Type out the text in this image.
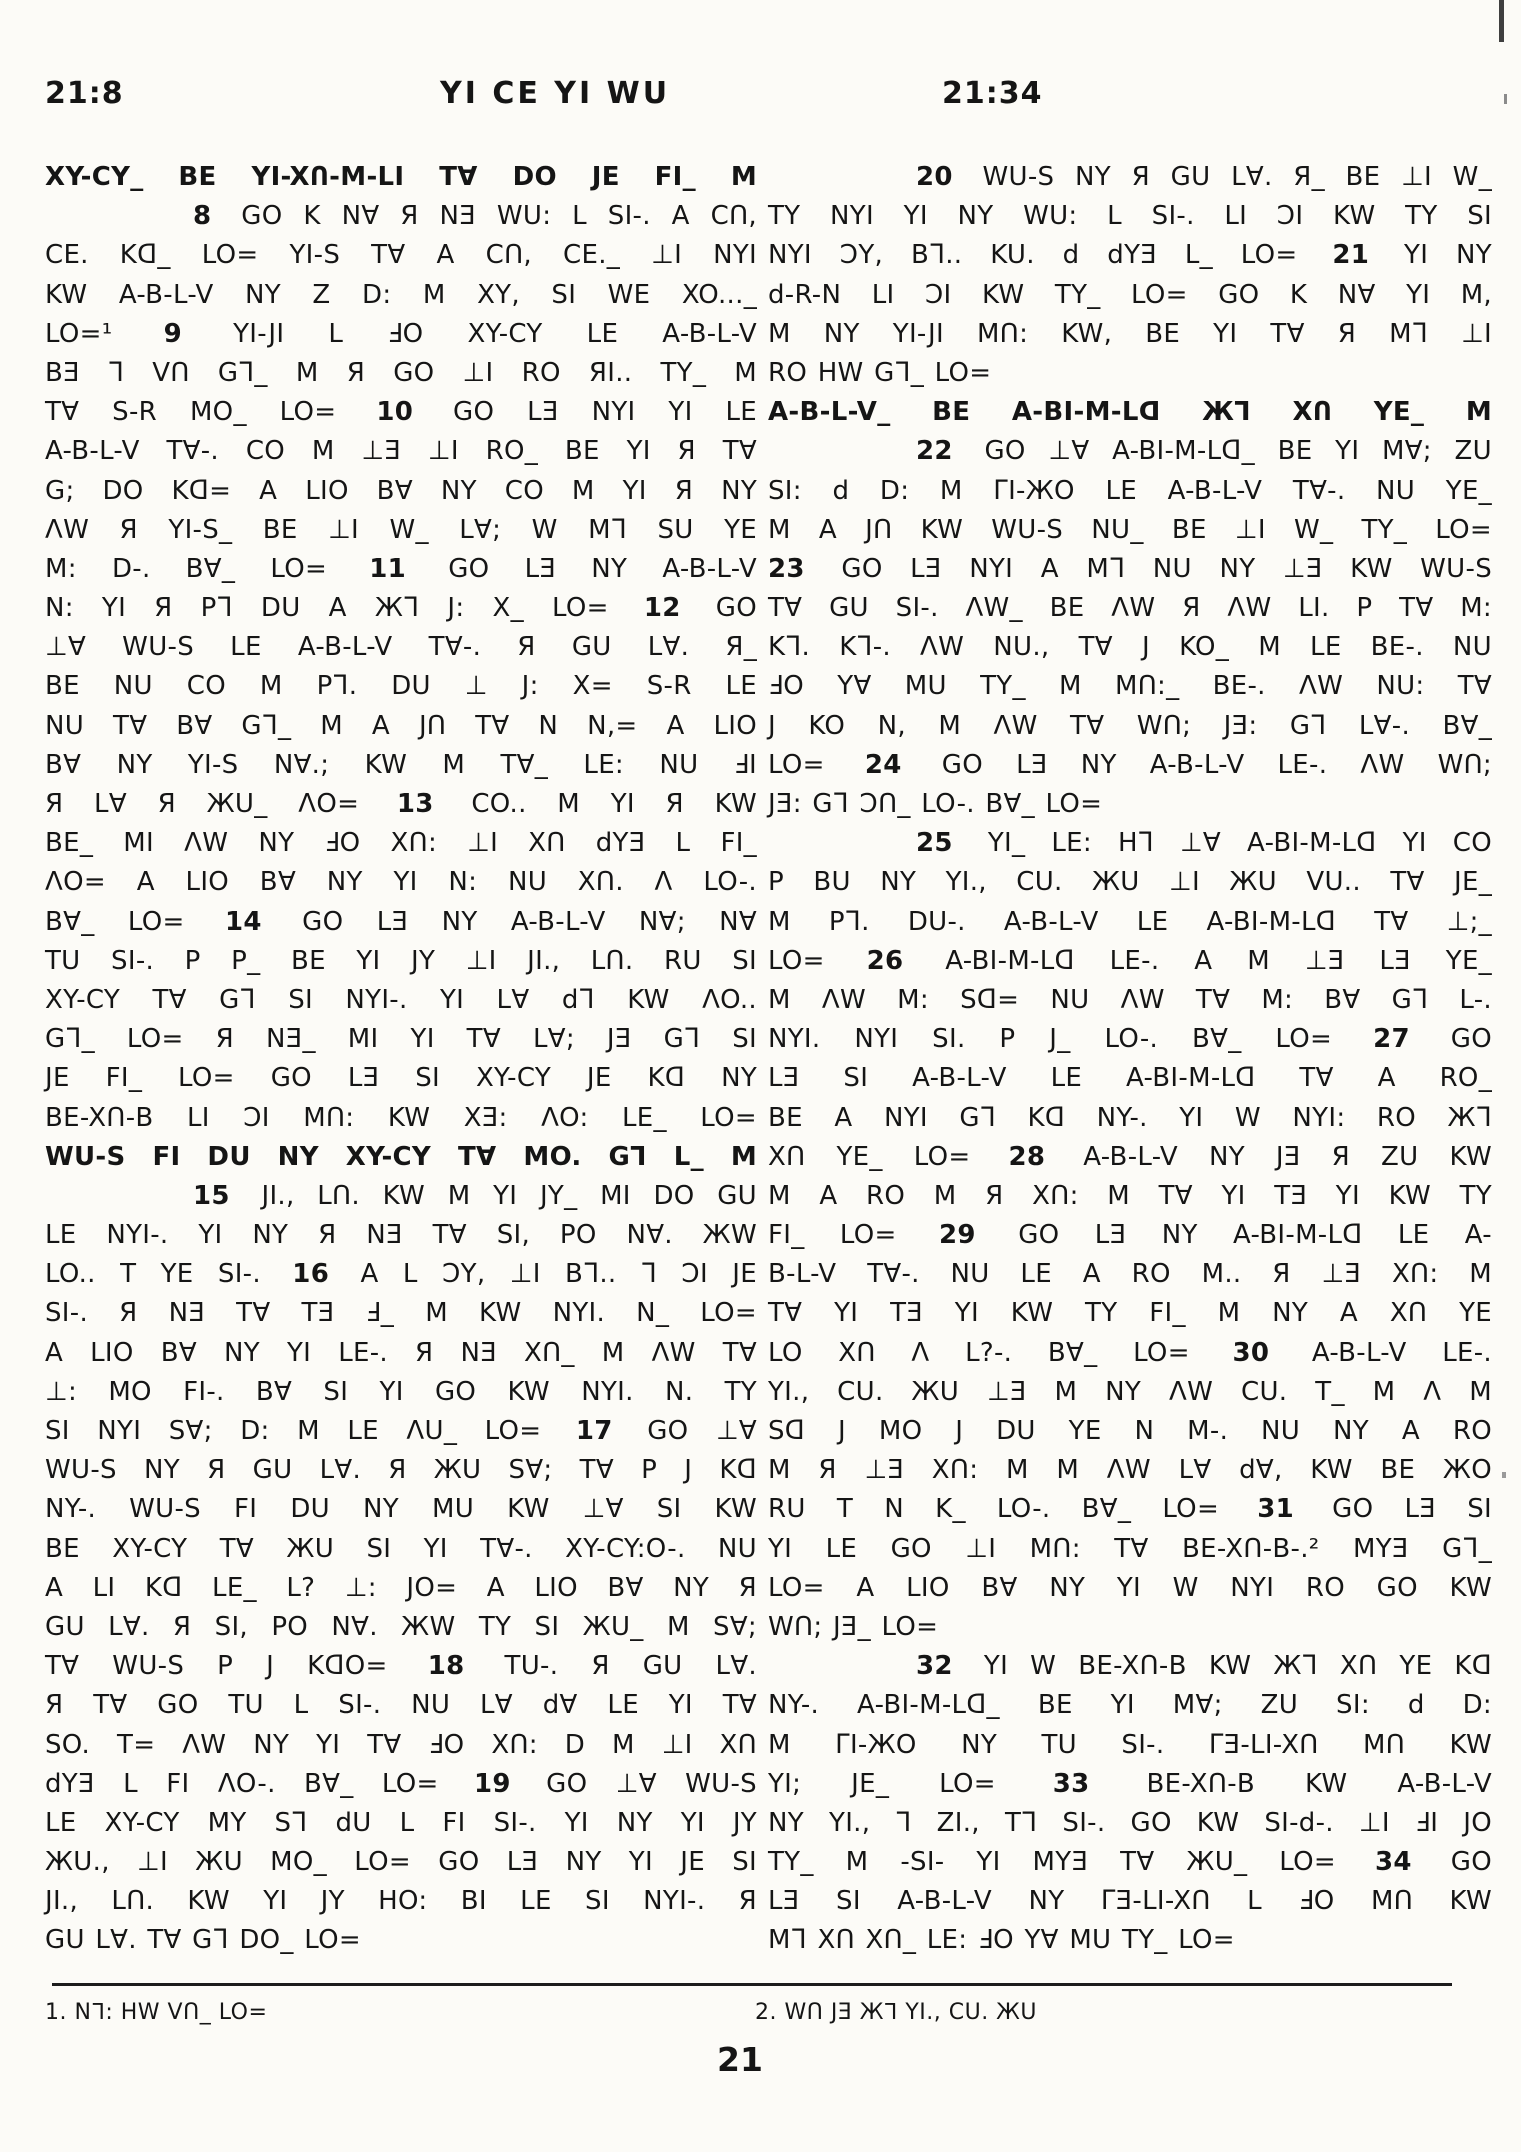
21:8	YI CE YI WU	21:34
XY-CY_ BE YI-XՈ-M-LI T∀ DO JE FI_ M
8 GO K N∀ Я NƎ WU: L SI-. A CՈ,
CE. Kᗡ_ LO= YI-S T∀ A CՈ, CE._ ⊥I NYI
KW A-B-L-V NY Z D: M XY, SI WE XO..._
LO=¹ 9 YI-JI L ℲO XY-CY LE A-B-L-V
BƎ ᒣ VՈ Gᒣ_ M Я GO ⊥I RO ЯI.. TY_ M
T∀ S-R MO_ LO= 10 GO LƎ NYI YI LE
A-B-L-V T∀-. CO M ⊥Ǝ ⊥I RO_ BE YI Я T∀
G; DO Kᗡ= A LIO B∀ NY CO M YI Я NY
ΛW Я YI-S_ BE ⊥I W_ L∀; W Mᒣ SU YE
M: D-. B∀_ LO= 11 GO LƎ NY A-B-L-V
N: YI Я Pᒣ DU A Жᒣ J: X_ LO= 12 GO
⊥∀ WU-S LE A-B-L-V T∀-. Я GU L∀. Я_
BE NU CO M Pᒣ. DU ⊥ J: X= S-R LE
NU T∀ B∀ Gᒣ_ M A JՈ T∀ N N,= A LIO
B∀ NY YI-S N∀.; KW M T∀_ LE: NU ℲI
Я L∀ Я ЖU_ ΛO= 13 CO.. M YI Я KW
BE_ MI ΛW NY ℲO XՈ: ⊥I XՈ dYƎ L FI_
ΛO= A LIO B∀ NY YI N: NU XՈ. Λ LO-.
B∀_ LO= 14 GO LƎ NY A-B-L-V N∀; N∀
TU SI-. P P_ BE YI JY ⊥I JI., LՈ. RU SI
XY-CY T∀ Gᒣ SI NYI-. YI L∀ dᒣ KW ΛO..
Gᒣ_ LO= Я NƎ_ MI YI T∀ L∀; JƎ Gᒣ SI
JE FI_ LO= GO LƎ SI XY-CY JE Kᗡ NY
BE-XՈ-B LI ƆI MՈ: KW XƎ: ΛO: LE_ LO=
WU-S FI DU NY XY-CY T∀ MO. Gᒣ L_ M
15 JI., LՈ. KW M YI JY_ MI DO GU
LE NYI-. YI NY Я NƎ T∀ SI, PO N∀. ЖW
LO.. T YE SI-. 16 A L ƆY, ⊥I Bᒣ.. ᒣ ƆI JE
SI-. Я NƎ T∀ TƎ Ⅎ_ M KW NYI. N_ LO=
A LIO B∀ NY YI LE-. Я NƎ XՈ_ M ΛW T∀
⊥: MO FI-. B∀ SI YI GO KW NYI. N. TY
SI NYI S∀; D: M LE ΛU_ LO= 17 GO ⊥∀
WU-S NY Я GU L∀. Я ЖU S∀; T∀ P J Kᗡ
NY-. WU-S FI DU NY MU KW ⊥∀ SI KW
BE XY-CY T∀ ЖU SI YI T∀-. XY-CY:O-. NU
A LI Kᗡ LE_ L? ⊥: JO= A LIO B∀ NY Я
GU L∀. Я SI, PO N∀. ЖW TY SI ЖU_ M S∀;
T∀ WU-S P J KᗡO= 18 TU-. Я GU L∀.
Я T∀ GO TU L SI-. NU L∀ d∀ LE YI T∀
SO. T= ΛW NY YI T∀ ℲO XՈ: D M ⊥I XՈ
dYƎ L FI ΛO-. B∀_ LO= 19 GO ⊥∀ WU-S
LE XY-CY MY Sᒣ dU L FI SI-. YI NY YI JY
ЖU., ⊥I ЖU MO_ LO= GO LƎ NY YI JE SI
JI., LՈ. KW YI JY HO: BI LE SI NYI-. Я
GU L∀. T∀ Gᒣ DO_ LO=
20 WU-S NY Я GU L∀. Я_ BE ⊥I W_
TY NYI YI NY WU: L SI-. LI ƆI KW TY SI
NYI ƆY, Bᒣ.. KU. d dYƎ L_ LO= 21 YI NY
d-R-N LI ƆI KW TY_ LO= GO K N∀ YI M,
M NY YI-JI MՈ: KW, BE YI T∀ Я Mᒣ ⊥I
RO HW Gᒣ_ LO=
A-B-L-V_ BE A-BI-M-Lᗡ Жᒣ XՈ YE_ M
22 GO ⊥∀ A-BI-M-Lᗡ_ BE YI M∀; ZU
SI: d D: M ᒥI-ЖO LE A-B-L-V T∀-. NU YE_
M A JՈ KW WU-S NU_ BE ⊥I W_ TY_ LO=
23 GO LƎ NYI A Mᒣ NU NY ⊥Ǝ KW WU-S
T∀ GU SI-. ΛW_ BE ΛW Я ΛW LI. P T∀ M:
Kᒣ. Kᒣ-. ΛW NU., T∀ J KO_ M LE BE-. NU
ℲO Y∀ MU TY_ M MՈ:_ BE-. ΛW NU: T∀
J KO N, M ΛW T∀ WՈ; JƎ: Gᒣ L∀-. B∀_
LO= 24 GO LƎ NY A-B-L-V LE-. ΛW WՈ;
JƎ: Gᒣ ƆՈ_ LO-. B∀_ LO=
25 YI_ LE: Hᒣ ⊥∀ A-BI-M-Lᗡ YI CO
P BU NY YI., CU. ЖU ⊥I ЖU VU.. T∀ JE_
M Pᒣ. DU-. A-B-L-V LE A-BI-M-Lᗡ T∀ ⊥;_
LO= 26 A-BI-M-Lᗡ LE-. A M ⊥Ǝ LƎ YE_
M ΛW M: Sᗡ= NU ΛW T∀ M: B∀ Gᒣ L-.
NYI. NYI SI. P J_ LO-. B∀_ LO= 27 GO
LƎ SI A-B-L-V LE A-BI-M-Lᗡ T∀ A RO_
BE A NYI Gᒣ Kᗡ NY-. YI W NYI: RO Жᒣ
XՈ YE_ LO= 28 A-B-L-V NY JƎ Я ZU KW
M A RO M Я XՈ: M T∀ YI TƎ YI KW TY
FI_ LO= 29 GO LƎ NY A-BI-M-Lᗡ LE A-
B-L-V T∀-. NU LE A RO M.. Я ⊥Ǝ XՈ: M
T∀ YI TƎ YI KW TY FI_ M NY A XՈ YE
LO XՈ Λ L?-. B∀_ LO= 30 A-B-L-V LE-.
YI., CU. ЖU ⊥Ǝ M NY ΛW CU. T_ M Λ M
Sᗡ J MO J DU YE N M-. NU NY A RO
M Я ⊥Ǝ XՈ: M M ΛW L∀ d∀, KW BE ЖO
RU T N K_ LO-. B∀_ LO= 31 GO LƎ SI
YI LE GO ⊥I MՈ: T∀ BE-XՈ-B-.² MYƎ Gᒣ_
LO= A LIO B∀ NY YI W NYI RO GO KW
WՈ; JƎ_ LO=
32 YI W BE-XՈ-B KW Жᒣ XՈ YE Kᗡ
NY-. A-BI-M-Lᗡ_ BE YI M∀; ZU SI: d D:
M ᒥI-ЖO NY TU SI-. ᒥƎ-LI-XՈ MՈ KW
YI; JE_ LO= 33 BE-XՈ-B KW A-B-L-V
NY YI., ᒣ ZI., Tᒣ SI-. GO KW SI-d-. ⊥I ℲI JO
TY_ M -SI- YI MYƎ T∀ ЖU_ LO= 34 GO
LƎ SI A-B-L-V NY ᒥƎ-LI-XՈ L ℲO MՈ KW
Mᒣ XՈ XՈ_ LE: ℲO Y∀ MU TY_ LO=
1. Nᒣ: HW VՈ_ LO=	2. WՈ JƎ Жᒣ YI., CU. ЖU
21
